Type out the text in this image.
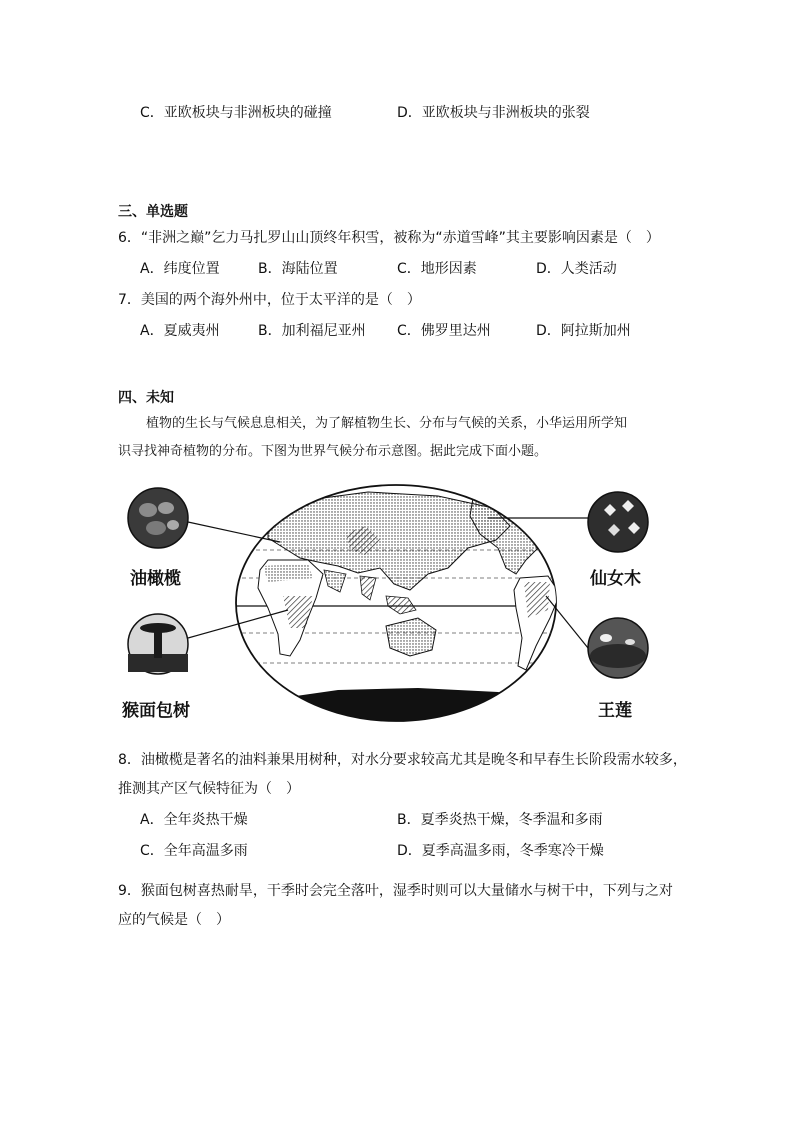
C．亚欧板块与非洲板块的碰撞	D．亚欧板块与非洲板块的张裂
三、单选题
6．“非洲之巅”乞力马扎罗山山顶终年积雪，被称为“赤道雪峰”其主要影响因素是（　）
A．纬度位置	B．海陆位置	C．地形因素	D．人类活动
7．美国的两个海外州中，位于太平洋的是（　）
A．夏威夷州	B．加利福尼亚州 C．佛罗里达州	D．阿拉斯加州
四、未知
植物的生长与气候息息相关，为了解植物生长、分布与气候的关系，小华运用所学知
识寻找神奇植物的分布。下图为世界气候分布示意图。据此完成下面小题。
油橄榄
猴面包树
仙女木
王莲
8．油橄榄是著名的油料兼果用树种，对水分要求较高尤其是晚冬和早春生长阶段需水较多，
推测其产区气候特征为（　）
A．全年炎热干燥	B．夏季炎热干燥，冬季温和多雨
C．全年高温多雨	D．夏季高温多雨，冬季寒冷干燥
9．猴面包树喜热耐旱，干季时会完全落叶，湿季时则可以大量储水与树干中，下列与之对
应的气候是（　）
